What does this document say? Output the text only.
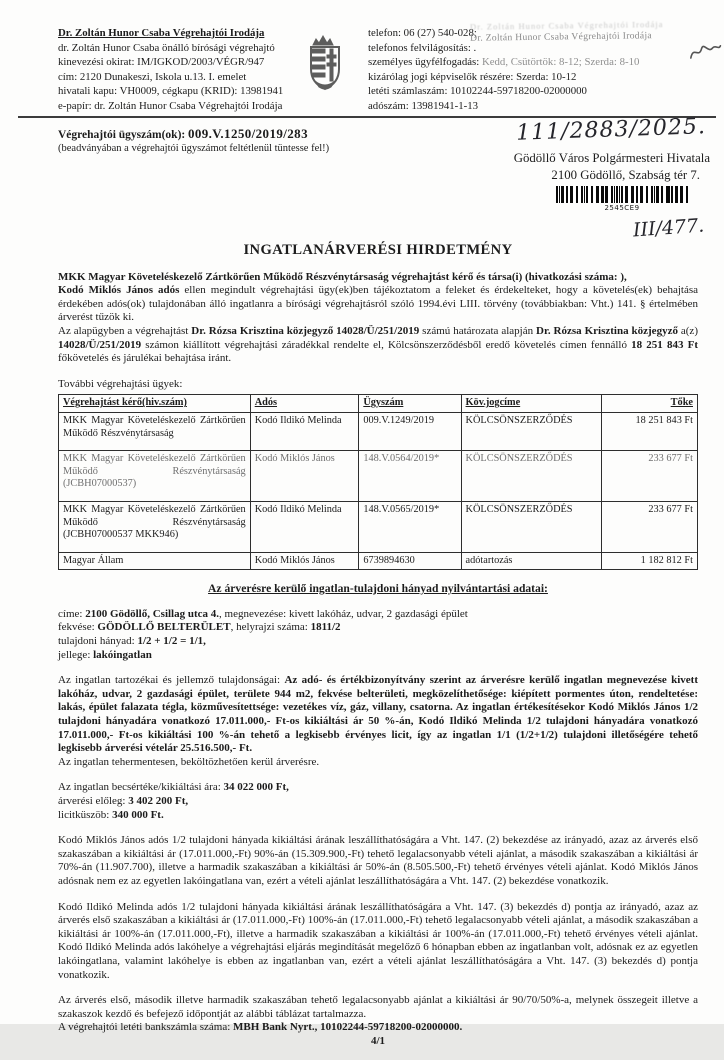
Dr. Zoltán Hunor Csaba Végrehajtói Irodája
dr. Zoltán Hunor Csaba önálló bírósági végrehajtó
kinevezési okirat: IM/IGKOD/2003/VÉGR/947
cím: 2120 Dunakeszi, Iskola u.13. I. emelet
hivatali kapu: VH0009, cégkapu (KRID): 13981941
e-papír: dr. Zoltán Hunor Csaba Végrehajtói Irodája
telefon: 06 (27) 540-028;
telefonos felvilágosítás: .
személyes ügyfélfogadás: Kedd, Csütörtök: 8-12; Szerda: 8-10
kizárólag jogi képviselők részére: Szerda: 10-12
letéti számlaszám: 10102244-59718200-02000000
adószám: 13981941-1-13
Dr. Zoltán Hunor Csaba Végrehajtói Irodája
Dr. Zoltán Hunor Csaba Végrehajtói Irodája
Végrehajtói ügyszám(ok): 009.V.1250/2019/283
(beadványában a végrehajtói ügyszámot feltétlenül tüntesse fel!)
111/2883/2025.
Gödöllő Város Polgármesteri Hivatala
2100 Gödöllő, Szabság tér 7.
2545CE9
III/477.
INGATLANÁRVERÉSI HIRDETMÉNY

MKK Magyar Követeléskezelő Zártkörűen Működő Részvénytársaság végrehajtást kérő és társa(i) (hivatkozási száma: ),
Kodó Miklós János adós ellen megindult végrehajtási ügy(ek)ben tájékoztatom a feleket és érdekelteket, hogy a követelés(ek) behajtása érdekében adós(ok) tulajdonában álló ingatlanra a bírósági végrehajtásról szóló 1994.évi LIII. törvény (továbbiakban: Vht.) 141. § értelmében árverést tűzök ki.

Az alapügyben a végrehajtást Dr. Rózsa Krisztina közjegyző 14028/Ü/251/2019 számú határozata alapján Dr. Rózsa Krisztina közjegyző a(z) 14028/Ü/251/2019 számon kiállított végrehajtási záradékkal rendelte el, Kölcsönszerződésből eredő követelés címen fennálló 18 251 843 Ft főkövetelés és járulékai behajtása iránt.

További végrehajtási ügyek:

Végrehajtást kérő(hiv.szám)	Adós	Ügyszám	Köv.jogcíme	Tőke
MKK Magyar Követeléskezelő Zártkörűen Működő Részvénytársaság	Kodó Ildikó Melinda	009.V.1249/2019	KÖLCSÖNSZERZŐDÉS	18 251 843 Ft
MKK Magyar Követeléskezelő Zártkörűen Működő Részvénytársaság (JCBH07000537)	Kodó Miklós János	148.V.0564/2019*	KÖLCSÖNSZERZŐDÉS	233 677 Ft
MKK Magyar Követeléskezelő Zártkörűen Működő Részvénytársaság (JCBH07000537 MKK946)	Kodó Ildikó Melinda	148.V.0565/2019*	KÖLCSÖNSZERZŐDÉS	233 677 Ft
Magyar Állam	Kodó Miklós János	6739894630	adótartozás	1 182 812 Ft

Az árverésre kerülő ingatlan-tulajdoni hányad nyilvántartási adatai:

címe: 2100 Gödöllő, Csillag utca 4., megnevezése: kivett lakóház, udvar, 2 gazdasági épület

fekvése: GÖDÖLLŐ BELTERÜLET, helyrajzi száma: 1811/2

tulajdoni hányad: 1/2 + 1/2 = 1/1,

jellege: lakóingatlan

Az ingatlan tartozékai és jellemző tulajdonságai: Az adó- és értékbizonyítvány szerint az árverésre kerülő ingatlan megnevezése kivett lakóház, udvar, 2 gazdasági épület, területe 944 m2, fekvése belterületi, megközelíthetősége: kiépített pormentes úton, rendeltetése: lakás, épület falazata tégla, közművesítettsége: vezetékes víz, gáz, villany, csatorna. Az ingatlan értékesítésekor Kodó Miklós János 1/2 tulajdoni hányadára vonatkozó 17.011.000,- Ft-os kikiáltási ár 50 %-án, Kodó Ildikó Melinda 1/2 tulajdoni hányadára vonatkozó 17.011.000,- Ft-os kikiáltási 100 %-án tehető a legkisebb érvényes licit, így az ingatlan 1/1 (1/2+1/2) tulajdoni illetőségére tehető legkisebb árverési vételár 25.516.500,- Ft.
Az ingatlan tehermentesen, beköltözhetően kerül árverésre.

Az ingatlan becsértéke/kikiáltási ára: 34 022 000 Ft,

árverési előleg: 3 402 200 Ft,

licitküszöb: 340 000 Ft.

Kodó Miklós János adós 1/2 tulajdoni hányada kikiáltási árának leszállíthatóságára a Vht. 147. (2) bekezdése az irányadó, azaz az árverés első szakaszában a kikiáltási ár (17.011.000,-Ft) 90%-án (15.309.900,-Ft) tehető legalacsonyabb vételi ajánlat, a második szakaszában a kikiáltási ár 70%-án (11.907.700), illetve a harmadik szakaszában a kikiáltási ár 50%-án (8.505.500,-Ft) tehető érvényes vételi ajánlat. Kodó Miklós János adósnak nem ez az egyetlen lakóingatlana van, ezért a vételi ajánlat leszállíthatóságára a Vht. 147. (2) bekezdése vonatkozik.

Kodó Ildikó Melinda adós 1/2 tulajdoni hányada kikiáltási árának leszállíthatóságára a Vht. 147. (3) bekezdés d) pontja az irányadó, azaz az árverés első szakaszában a kikiáltási ár (17.011.000,-Ft) 100%-án (17.011.000,-Ft) tehető legalacsonyabb vételi ajánlat, a második szakaszában a kikiáltási ár 100%-án (17.011.000,-Ft), illetve a harmadik szakaszában a kikiáltási ár 100%-án (17.011.000,-Ft) tehető érvényes vételi ajánlat. Kodó Ildikó Melinda adós lakóhelye a végrehajtási eljárás megindítását megelőző 6 hónapban ebben az ingatlanban volt, adósnak ez az egyetlen lakóingatlana, valamint lakóhelye is ebben az ingatlanban van, ezért a vételi ajánlat leszállíthatóságára a Vht. 147. (3) bekezdés d) pontja vonatkozik.

Az árverés első, második illetve harmadik szakaszában tehető legalacsonyabb ajánlat a kikiáltási ár 90/70/50%-a, melynek összegeit illetve a szakaszok kezdő és befejező időpontját az alábbi táblázat tartalmazza.
A végrehajtói letéti bankszámla száma: MBH Bank Nyrt., 10102244-59718200-02000000.

4/1
